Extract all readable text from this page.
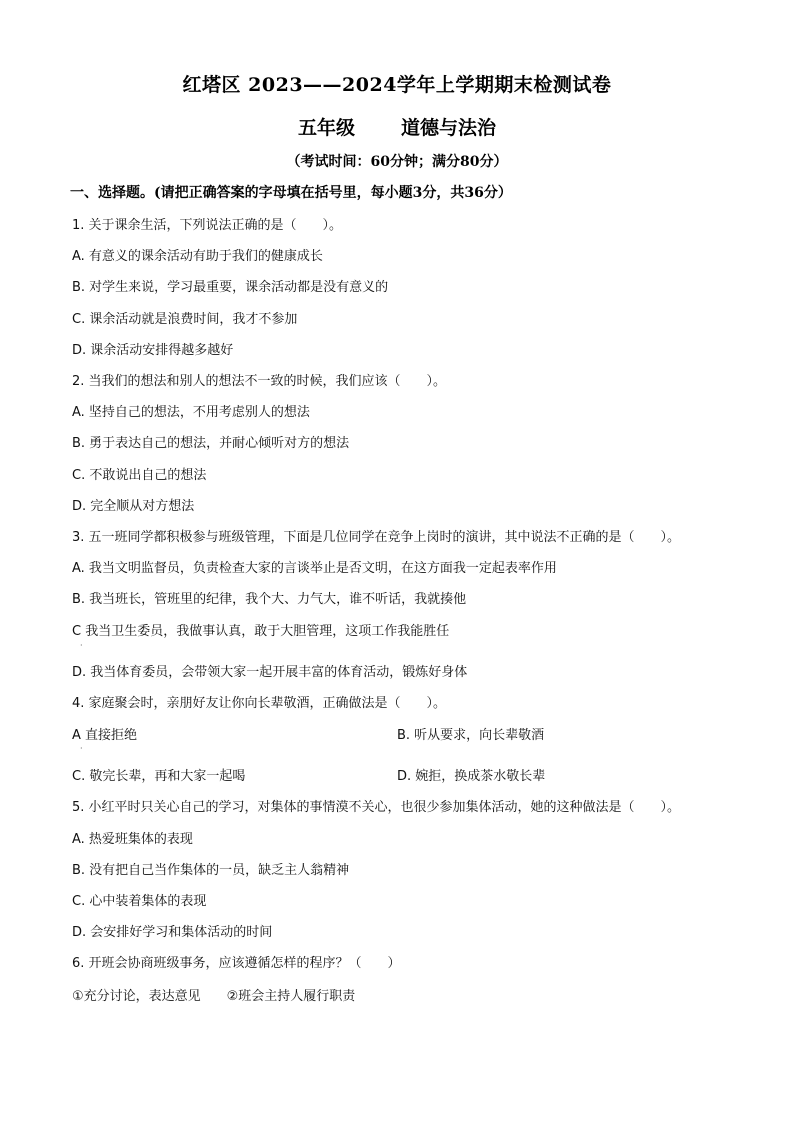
红塔区 2023——2024学年上学期期末检测试卷
五年级 道德与法治
（考试时间：60分钟；满分80分）
一、选择题。(请把正确答案的字母填在括号里，每小题3分，共36分）
1. 关于课余生活，下列说法正确的是（　　）。
A. 有意义的课余活动有助于我们的健康成长
B. 对学生来说，学习最重要，课余活动都是没有意义的
C. 课余活动就是浪费时间，我才不参加
D. 课余活动安排得越多越好
2. 当我们的想法和别人的想法不一致的时候，我们应该（　　）。
A. 坚持自己的想法，不用考虑别人的想法
B. 勇于表达自己的想法，并耐心倾听对方的想法
C. 不敢说出自己的想法
D. 完全顺从对方想法
3. 五一班同学都积极参与班级管理，下面是几位同学在竞争上岗时的演讲，其中说法不正确的是（　　）。
A. 我当文明监督员，负责检查大家的言谈举止是否文明，在这方面我一定起表率作用
B. 我当班长，管班里的纪律，我个大、力气大，谁不听话，我就揍他
C 我当卫生委员，我做事认真，敢于大胆管理，这项工作我能胜任
·
D. 我当体育委员，会带领大家一起开展丰富的体育活动，锻炼好身体
4. 家庭聚会时，亲朋好友让你向长辈敬酒，正确做法是（　　）。
A 直接拒绝	B. 听从要求，向长辈敬酒
·
C. 敬完长辈，再和大家一起喝	D. 婉拒，换成茶水敬长辈
5. 小红平时只关心自己的学习，对集体的事情漠不关心，也很少参加集体活动，她的这种做法是（　　）。
A. 热爱班集体的表现
B. 没有把自己当作集体的一员，缺乏主人翁精神
C. 心中装着集体的表现
D. 会安排好学习和集体活动的时间
6. 开班会协商班级事务，应该遵循怎样的程序？（　　）
①充分讨论，表达意见　　②班会主持人履行职责
